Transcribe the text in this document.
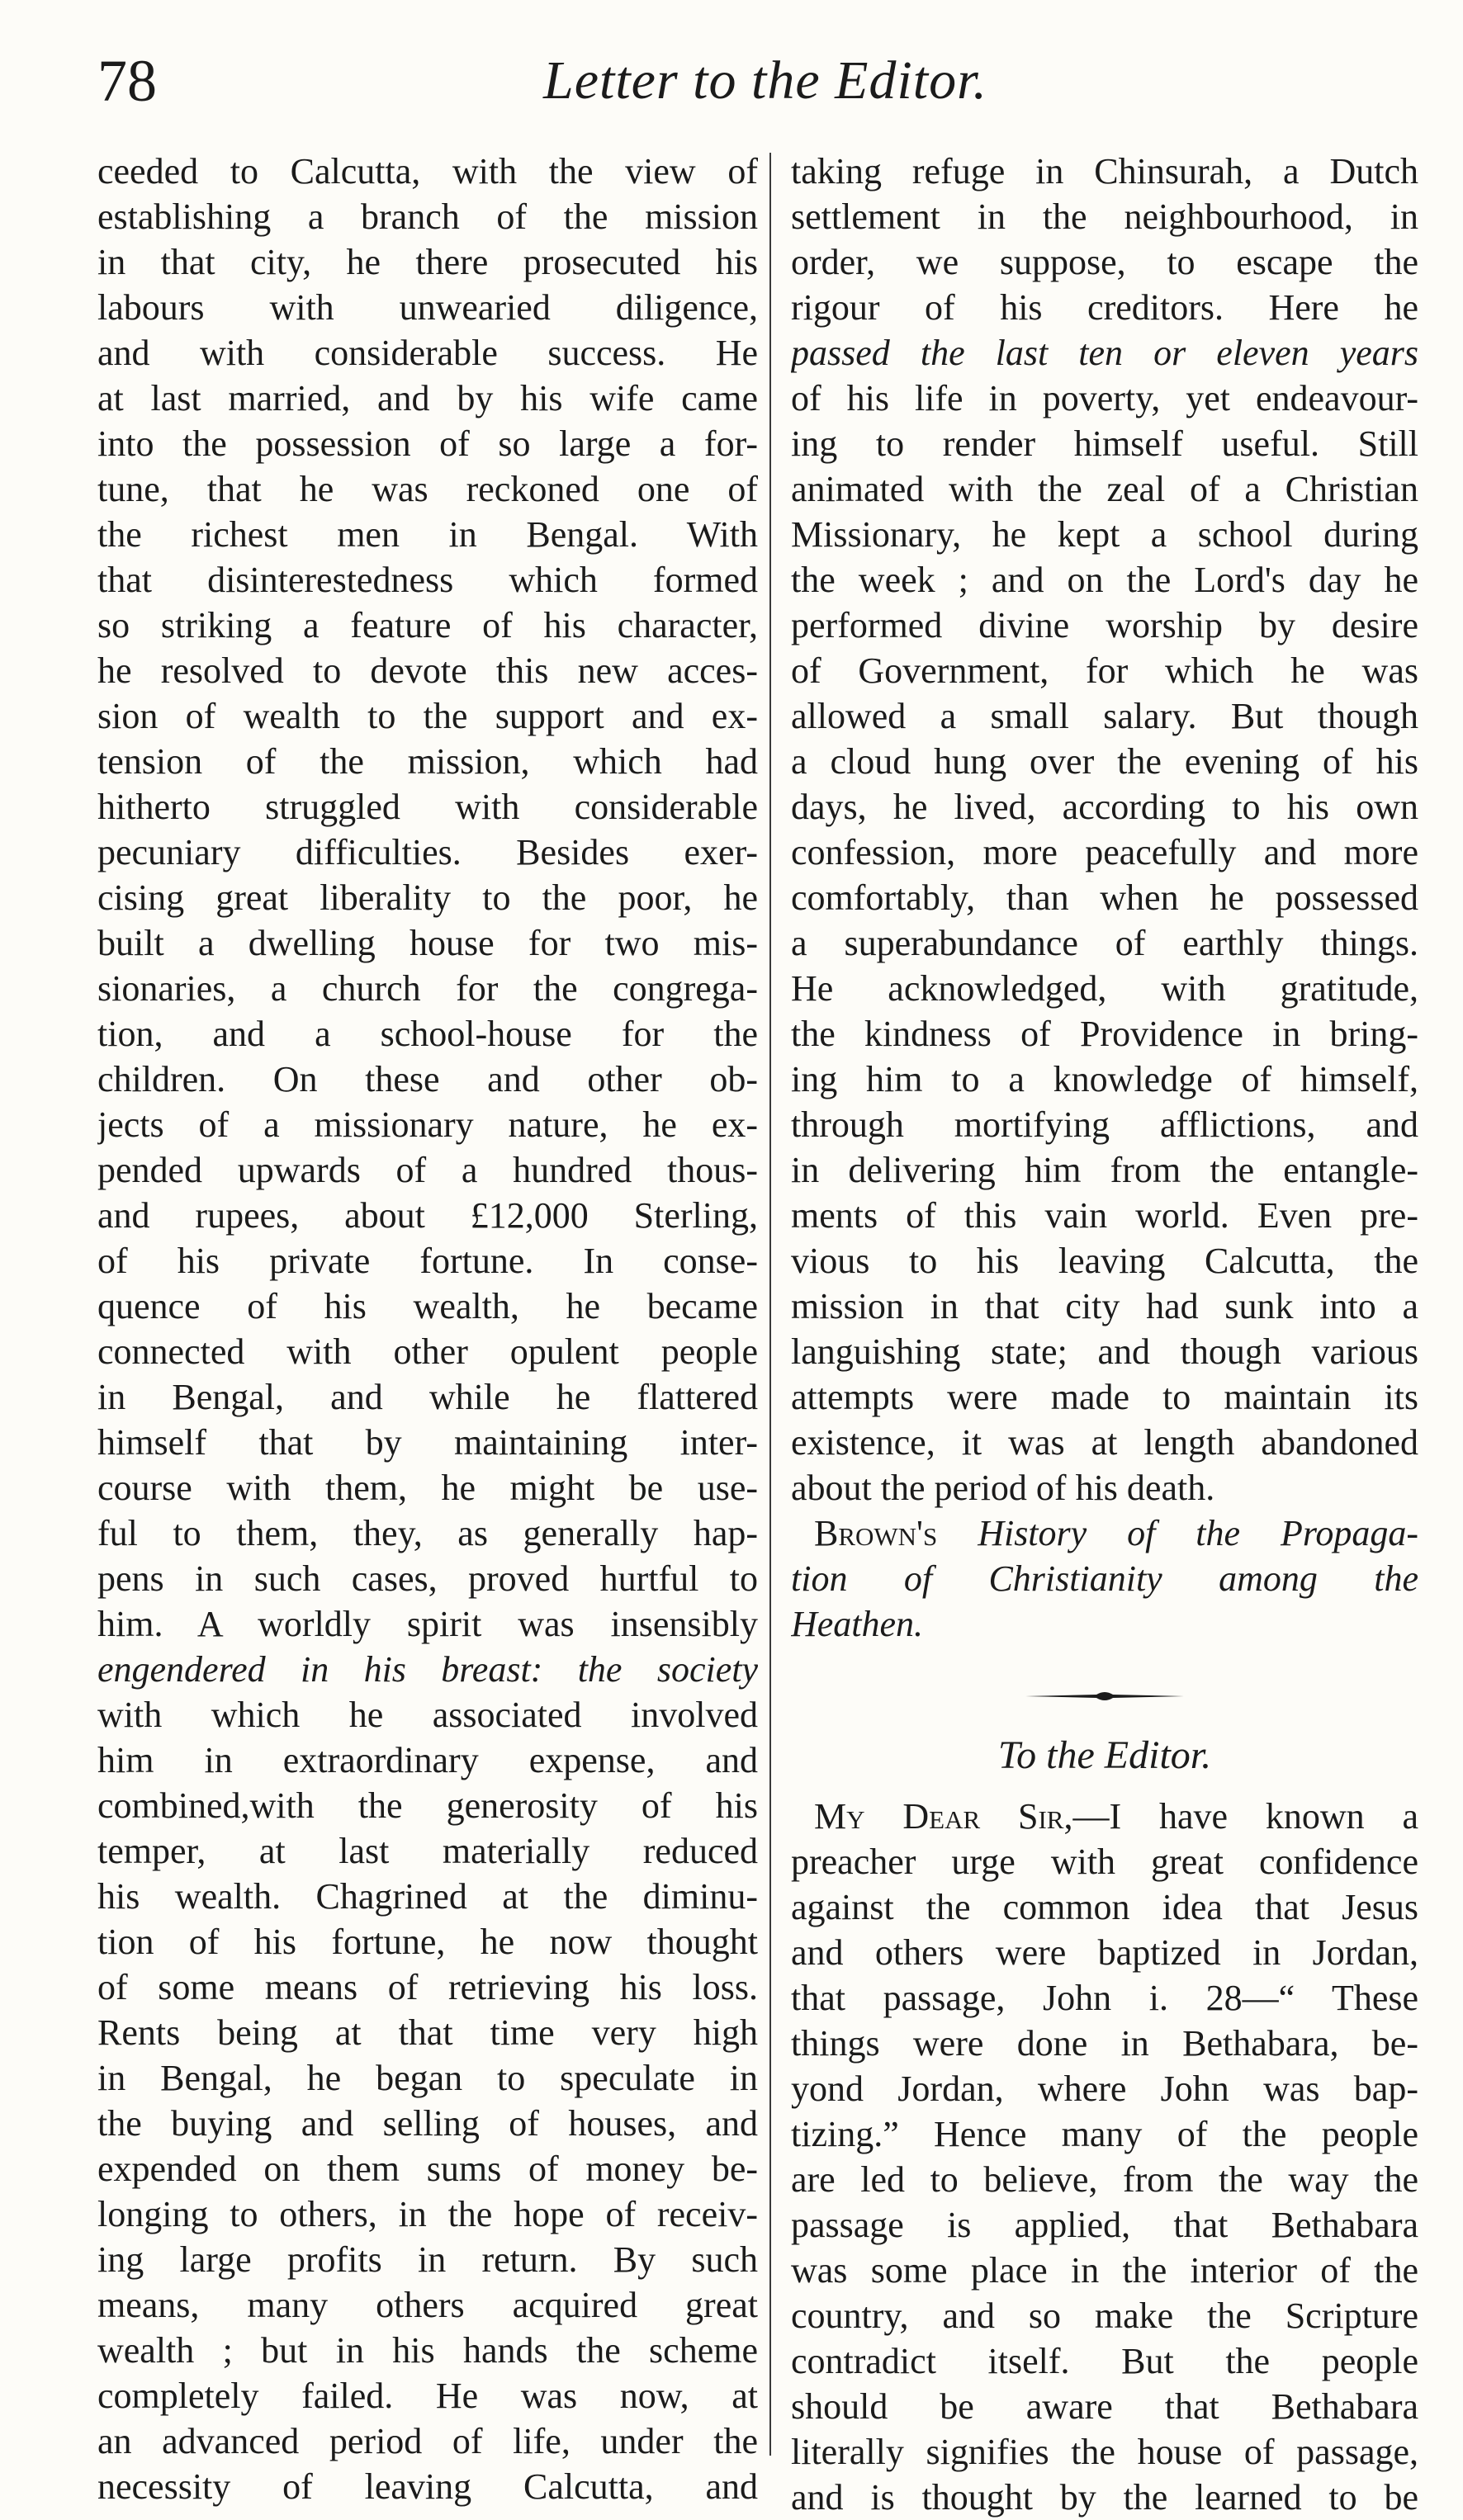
78	Letter to the Editor.
ceeded to Calcutta, with the view of
establishing a branch of the mission
in that city, he there prosecuted his
labours with unwearied diligence,
and with considerable success. He
at last married, and by his wife came
into the possession of so large a for-
tune, that he was reckoned one of
the richest men in Bengal. With
that disinterestedness which formed
so striking a feature of his character,
he resolved to devote this new acces-
sion of wealth to the support and ex-
tension of the mission, which had
hitherto struggled with considerable
pecuniary difficulties. Besides exer-
cising great liberality to the poor, he
built a dwelling house for two mis-
sionaries, a church for the congrega-
tion, and a school-house for the
children. On these and other ob-
jects of a missionary nature, he ex-
pended upwards of a hundred thous-
and rupees, about £12,000 Sterling,
of his private fortune. In conse-
quence of his wealth, he became
connected with other opulent people
in Bengal, and while he flattered
himself that by maintaining inter-
course with them, he might be use-
ful to them, they, as generally hap-
pens in such cases, proved hurtful to
him. A worldly spirit was insensibly
engendered in his breast: the society
with which he associated involved
him in extraordinary expense, and
combined,with the generosity of his
temper, at last materially reduced
his wealth. Chagrined at the diminu-
tion of his fortune, he now thought
of some means of retrieving his loss.
Rents being at that time very high
in Bengal, he began to speculate in
the buying and selling of houses, and
expended on them sums of money be-
longing to others, in the hope of receiv-
ing large profits in return. By such
means, many others acquired great
wealth ; but in his hands the scheme
completely failed. He was now, at
an advanced period of life, under the
necessity of leaving Calcutta, and
taking refuge in Chinsurah, a Dutch
settlement in the neighbourhood, in
order, we suppose, to escape the
rigour of his creditors. Here he
passed the last ten or eleven years
of his life in poverty, yet endeavour-
ing to render himself useful. Still
animated with the zeal of a Christian
Missionary, he kept a school during
the week ; and on the Lord's day he
performed divine worship by desire
of Government, for which he was
allowed a small salary. But though
a cloud hung over the evening of his
days, he lived, according to his own
confession, more peacefully and more
comfortably, than when he possessed
a superabundance of earthly things.
He acknowledged, with gratitude,
the kindness of Providence in bring-
ing him to a knowledge of himself,
through mortifying afflictions, and
in delivering him from the entangle-
ments of this vain world. Even pre-
vious to his leaving Calcutta, the
mission in that city had sunk into a
languishing state; and though various
attempts were made to maintain its
existence, it was at length abandoned
about the period of his death.
Brown's History of the Propaga-
tion of Christianity among the
Heathen.
To the Editor.
My Dear Sir,—I have known a
preacher urge with great confidence
against the common idea that Jesus
and others were baptized in Jordan,
that passage, John i. 28—“ These
things were done in Bethabara, be-
yond Jordan, where John was bap-
tizing.” Hence many of the people
are led to believe, from the way the
passage is applied, that Bethabara
was some place in the interior of the
country, and so make the Scripture
contradict itself. But the people
should be aware that Bethabara
literally signifies the house of passage,
and is thought by the learned to be
